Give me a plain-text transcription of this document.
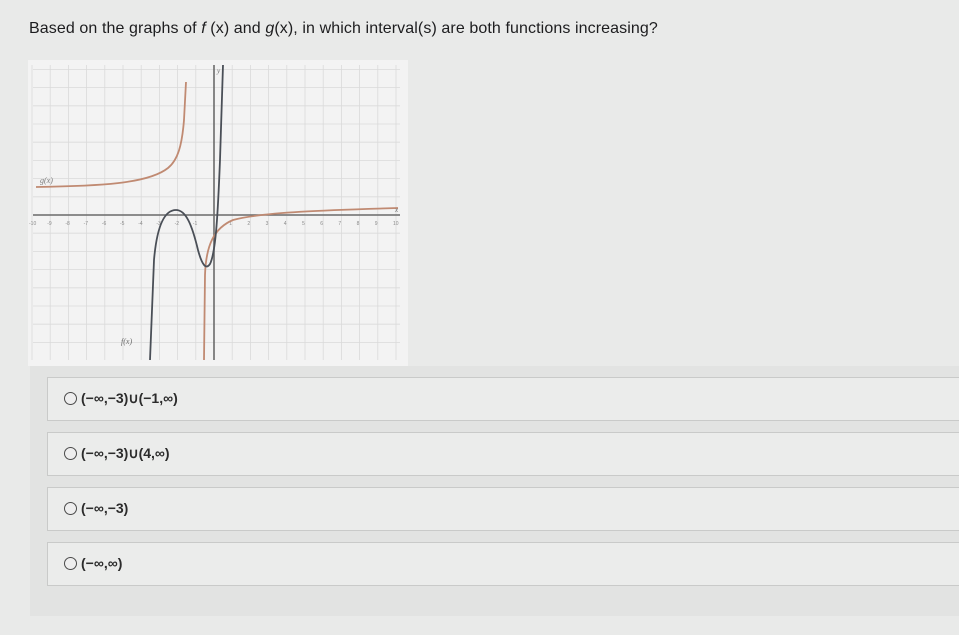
Based on the graphs of f (x) and g(x), in which interval(s) are both functions increasing?
-10 -9	-8	-7	-6	-5	-4	-3	-2	-1	1	2	3	4	5	6	7	8	9	10
g(x)
f(x)
y
x
(−∞,−3)∪(−1,∞)
(−∞,−3)∪(4,∞)
(−∞,−3)
(−∞,∞)
